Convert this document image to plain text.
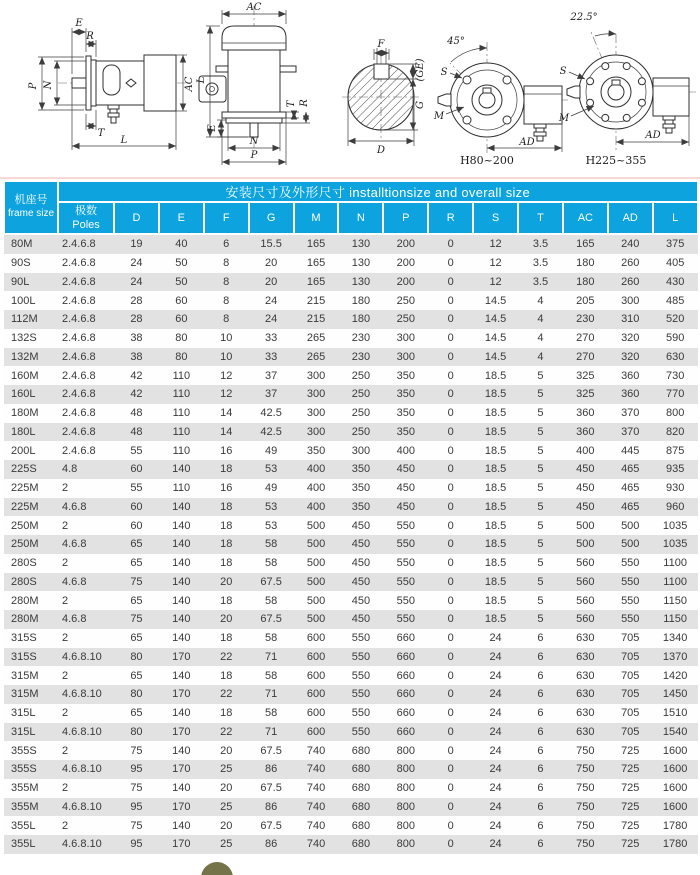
E
R
P N	AC
T
L
AC
L
E
T R
N
P
F
(GE)
G
D
45°
S
M
AD
H80~200
22.5°
S
M
AD
H225~355
机座号
frame size	安装尺寸及外形尺寸 installtionsize and overall size													

	极数
Poles	D	E	F	G	M	N	P	R	S	T	AC	AD	L
80M	2.4.6.8	19	40	6	15.5	165	130	200	0	12	3.5	165	240	375
90S	2.4.6.8	24	50	8	20	165	130	200	0	12	3.5	180	260	405
90L	2.4.6.8	24	50	8	20	165	130	200	0	12	3.5	180	260	430
100L	2.4.6.8	28	60	8	24	215	180	250	0	14.5	4	205	300	485
112M	2.4.6.8	28	60	8	24	215	180	250	0	14.5	4	230	310	520
132S	2.4.6.8	38	80	10	33	265	230	300	0	14.5	4	270	320	590
132M	2.4.6.8	38	80	10	33	265	230	300	0	14.5	4	270	320	630
160M	2.4.6.8	42	110	12	37	300	250	350	0	18.5	5	325	360	730
160L	2.4.6.8	42	110	12	37	300	250	350	0	18.5	5	325	360	770
180M	2.4.6.8	48	110	14	42.5	300	250	350	0	18.5	5	360	370	800
180L	2.4.6.8	48	110	14	42.5	300	250	350	0	18.5	5	360	370	820
200L	2.4.6.8	55	110	16	49	350	300	400	0	18.5	5	400	445	875
225S	4.8	60	140	18	53	400	350	450	0	18.5	5	450	465	935
225M	2	55	110	16	49	400	350	450	0	18.5	5	450	465	930
225M	4.6.8	60	140	18	53	400	350	450	0	18.5	5	450	465	960
250M	2	60	140	18	53	500	450	550	0	18.5	5	500	500	1035
250M	4.6.8	65	140	18	58	500	450	550	0	18.5	5	500	500	1035
280S	2	65	140	18	58	500	450	550	0	18.5	5	560	550	1100
280S	4.6.8	75	140	20	67.5	500	450	550	0	18.5	5	560	550	1100
280M	2	65	140	18	58	500	450	550	0	18.5	5	560	550	1150
280M	4.6.8	75	140	20	67.5	500	450	550	0	18.5	5	560	550	1150
315S	2	65	140	18	58	600	550	660	0	24	6	630	705	1340
315S	4.6.8.10	80	170	22	71	600	550	660	0	24	6	630	705	1370
315M	2	65	140	18	58	600	550	660	0	24	6	630	705	1420
315M	4.6.8.10	80	170	22	71	600	550	660	0	24	6	630	705	1450
315L	2	65	140	18	58	600	550	660	0	24	6	630	705	1510
315L	4.6.8.10	80	170	22	71	600	550	660	0	24	6	630	705	1540
355S	2	75	140	20	67.5	740	680	800	0	24	6	750	725	1600
355S	4.6.8.10	95	170	25	86	740	680	800	0	24	6	750	725	1600
355M	2	75	140	20	67.5	740	680	800	0	24	6	750	725	1600
355M	4.6.8.10	95	170	25	86	740	680	800	0	24	6	750	725	1600
355L	2	75	140	20	67.5	740	680	800	0	24	6	750	725	1780
355L	4.6.8.10	95	170	25	86	740	680	800	0	24	6	750	725	1780
